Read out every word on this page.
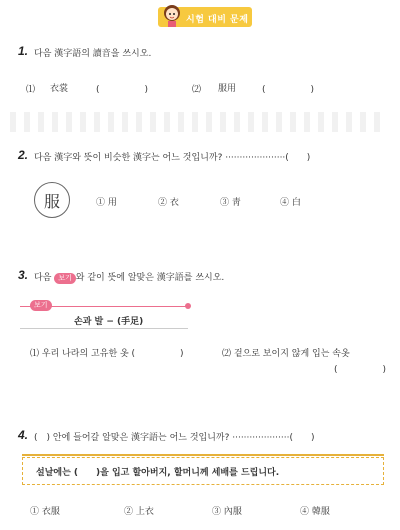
시험 대비 문제
1. 다음 漢字語의 讀音을 쓰시오.
⑴ 衣裳	(　　　　　)	⑵ 服用	(　　　　　)
2. 다음 漢字와 뜻이 비슷한 漢字는 어느 것입니까? ·····················(　　)
服	① 用	② 衣	③ 靑	④ 白
3. 다음 보기 와 같이 뜻에 알맞은 漢字語를 쓰시오.
보기
손과 발 − (手足)
⑴ 우리 나라의 고유한 옷 (　　　　　)	⑵ 겉으로 보이지 않게 입는 속옷
(　　　　　)
4. (　) 안에 들어갈 알맞은 漢字語는 어느 것입니까? ····················(　　)
설날에는 (　　)을 입고 할아버지, 할머니께 세배를 드립니다.
① 衣服	② 上衣	③ 內服	④ 韓服
